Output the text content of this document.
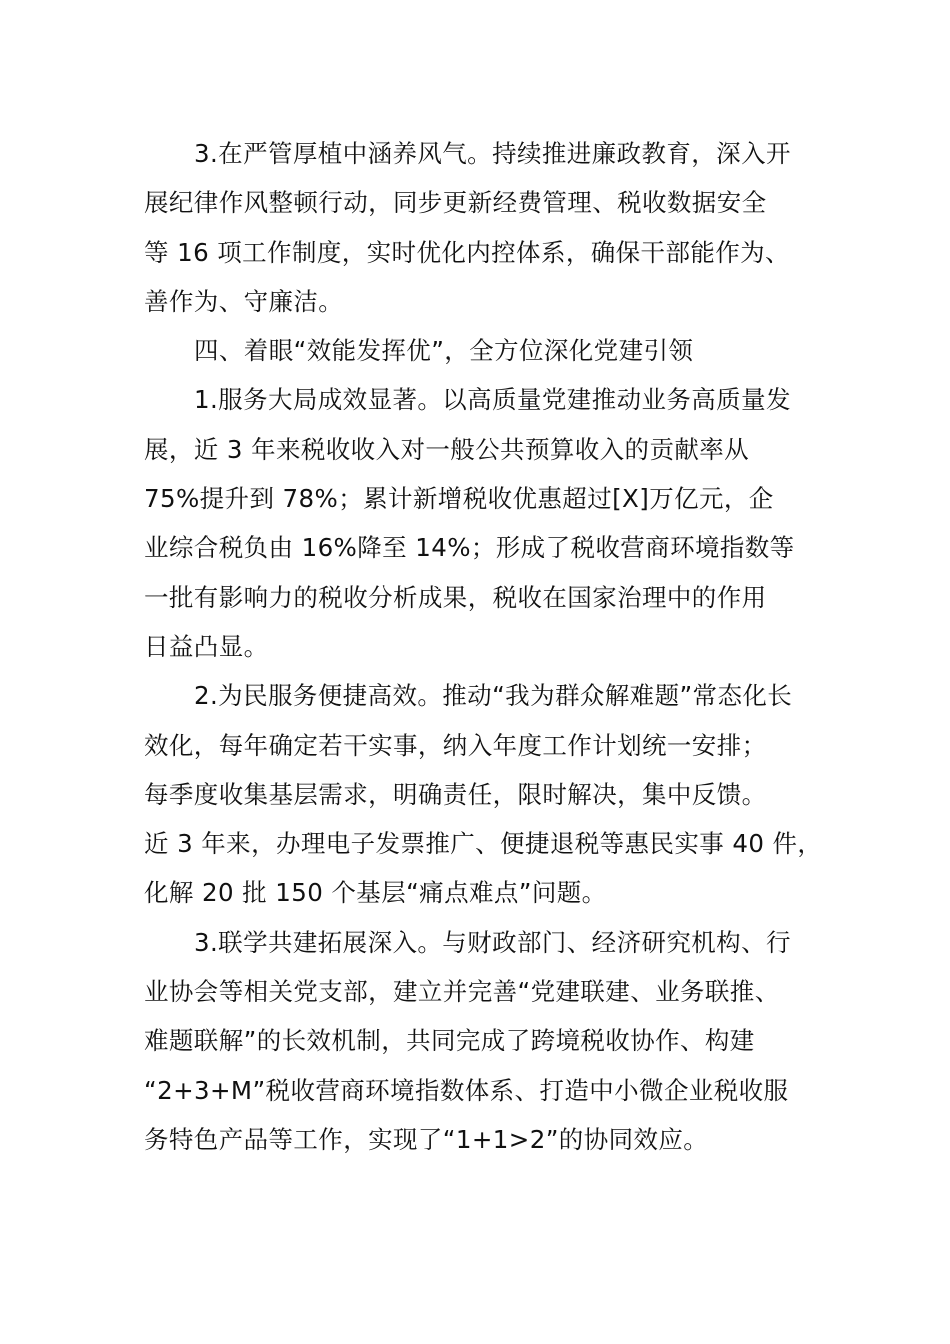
3.在严管厚植中涵养风气。持续推进廉政教育，深入开
展纪律作风整顿行动，同步更新经费管理、税收数据安全
等 16 项工作制度，实时优化内控体系，确保干部能作为、
善作为、守廉洁。
四、着眼“效能发挥优”，全方位深化党建引领
1.服务大局成效显著。以高质量党建推动业务高质量发
展，近 3 年来税收收入对一般公共预算收入的贡献率从
75%提升到 78%；累计新增税收优惠超过[X]万亿元，企
业综合税负由 16%降至 14%；形成了税收营商环境指数等
一批有影响力的税收分析成果，税收在国家治理中的作用
日益凸显。
2.为民服务便捷高效。推动“我为群众解难题”常态化长
效化，每年确定若干实事，纳入年度工作计划统一安排；
每季度收集基层需求，明确责任，限时解决，集中反馈。
近 3 年来，办理电子发票推广、便捷退税等惠民实事 40 件，
化解 20 批 150 个基层“痛点难点”问题。
3.联学共建拓展深入。与财政部门、经济研究机构、行
业协会等相关党支部，建立并完善“党建联建、业务联推、
难题联解”的长效机制，共同完成了跨境税收协作、构建
“2+3+M”税收营商环境指数体系、打造中小微企业税收服
务特色产品等工作，实现了“1+1>2”的协同效应。
